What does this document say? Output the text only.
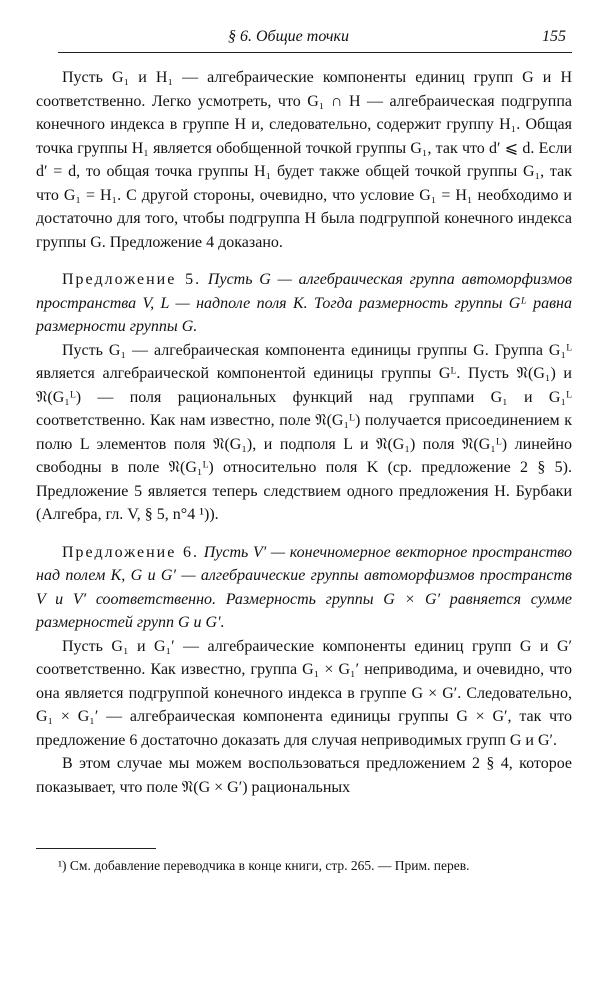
§ 6. Общие точки	155

Пусть G₁ и H₁ — алгебраические компоненты единиц групп G и H соответственно. Легко усмотреть, что G₁ ∩ H — алгебраическая подгруппа конечного индекса в группе H и, следовательно, содержит группу H₁. Общая точка группы H₁ является обобщенной точкой группы G₁, так что d′ ⩽ d. Если d′ = d, то общая точка группы H₁ будет также общей точкой группы G₁, так что G₁ = H₁. С другой стороны, очевидно, что условие G₁ = H₁ необходимо и достаточно для того, чтобы подгруппа H была подгруппой конечного индекса группы G. Предложение 4 доказано.

Предложение 5. Пусть G — алгебраическая группа автоморфизмов пространства V, L — надполе поля K. Тогда размерность группы Gᴸ равна размерности группы G.

Пусть G₁ — алгебраическая компонента единицы группы G. Группа G₁ᴸ является алгебраической компонентой единицы группы Gᴸ. Пусть 𝔑(G₁) и 𝔑(G₁ᴸ) — поля рациональных функций над группами G₁ и G₁ᴸ соответственно. Как нам известно, поле 𝔑(G₁ᴸ) получается присоединением к полю L элементов поля 𝔑(G₁), и подполя L и 𝔑(G₁) поля 𝔑(G₁ᴸ) линейно свободны в поле 𝔑(G₁ᴸ) относительно поля K (ср. предложение 2 § 5). Предложение 5 является теперь следствием одного предложения Н. Бурбаки (Алгебра, гл. V, § 5, n°4 ¹)).

Предложение 6. Пусть V′ — конечномерное векторное пространство над полем K, G и G′ — алгебраические группы автоморфизмов пространств V и V′ соответственно. Размерность группы G × G′ равняется сумме размерностей групп G и G′.

Пусть G₁ и G₁′ — алгебраические компоненты единиц групп G и G′ соответственно. Как известно, группа G₁ × G₁′ неприводима, и очевидно, что она является подгруппой конечного индекса в группе G × G′. Следовательно, G₁ × G₁′ — алгебраическая компонента единицы группы G × G′, так что предложение 6 достаточно доказать для случая неприводимых групп G и G′.

В этом случае мы можем воспользоваться предложением 2 § 4, которое показывает, что поле 𝔑(G × G′) рациональных

¹) См. добавление переводчика в конце книги, стр. 265. — Прим. перев.
